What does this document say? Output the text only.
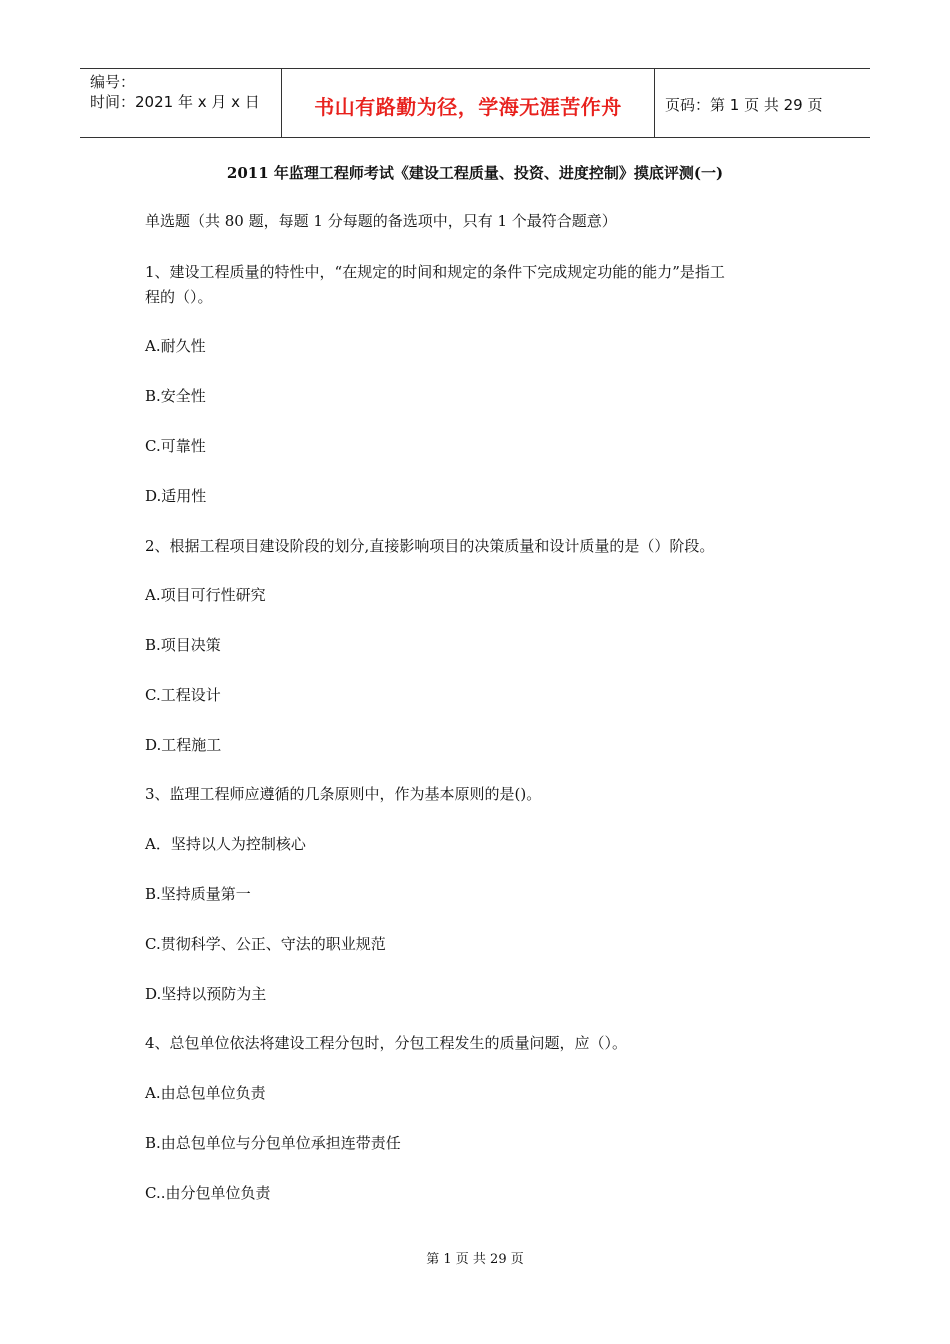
编号：
时间：2021 年 x 月 x 日	书山有路勤为径，学海无涯苦作舟	页码：第 1 页 共 29 页
2011 年监理工程师考试《建设工程质量、投资、进度控制》摸底评测(一)
单选题（共 80 题，每题 1 分每题的备选项中，只有 1 个最符合题意）
1、建设工程质量的特性中，“在规定的时间和规定的条件下完成规定功能的能力”是指工
程的（）。
A.耐久性
B.安全性
C.可靠性
D.适用性
2、根据工程项目建设阶段的划分,直接影响项目的决策质量和设计质量的是（）阶段。
A.项目可行性研究
B.项目决策
C.工程设计
D.工程施工
3、监理工程师应遵循的几条原则中，作为基本原则的是()。
A．坚持以人为控制核心
B.坚持质量第一
C.贯彻科学、公正、守法的职业规范
D.坚持以预防为主
4、总包单位依法将建设工程分包时，分包工程发生的质量问题，应（）。
A.由总包单位负责
B.由总包单位与分包单位承担连带责任
C..由分包单位负责
第 1 页 共 29 页
